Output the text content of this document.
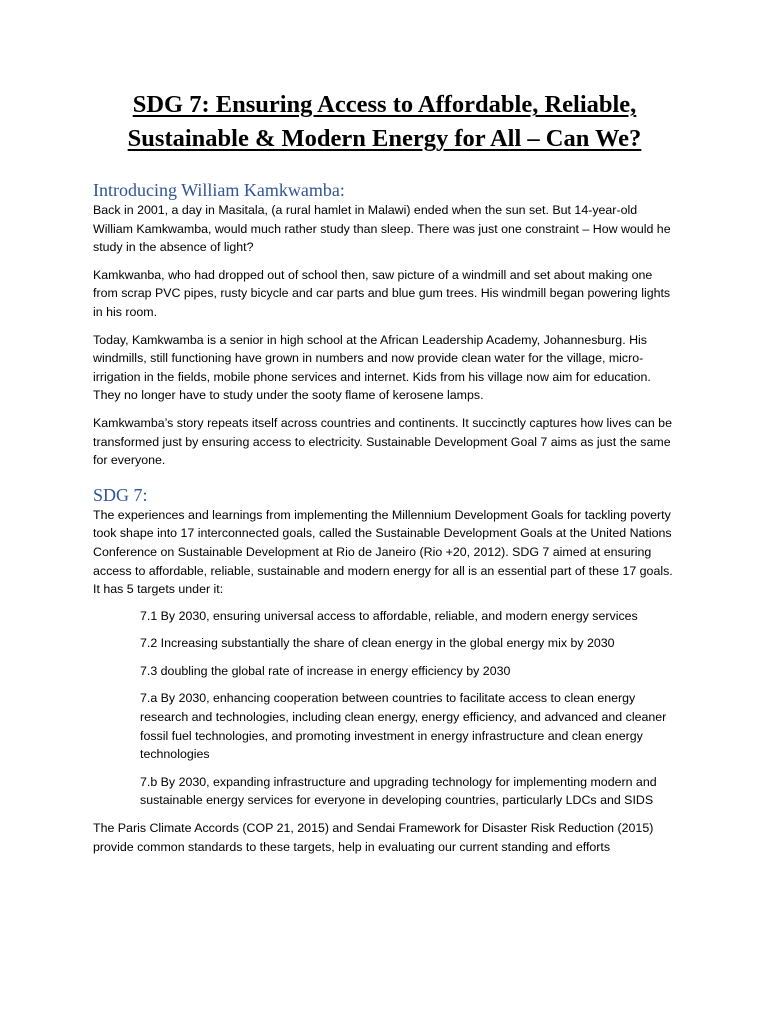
SDG 7: Ensuring Access to Affordable, Reliable,
Sustainable & Modern Energy for All – Can We?
Introducing William Kamkwamba:

Back in 2001, a day in Masitala, (a rural hamlet in Malawi) ended when the sun set. But 14-year-old William Kamkwamba, would much rather study than sleep. There was just one constraint – How would he study in the absence of light?

Kamkwanba, who had dropped out of school then, saw picture of a windmill and set about making one from scrap PVC pipes, rusty bicycle and car parts and blue gum trees. His windmill began powering lights in his room.

Today, Kamkwamba is a senior in high school at the African Leadership Academy, Johannesburg. His windmills, still functioning have grown in numbers and now provide clean water for the village, micro-irrigation in the fields, mobile phone services and internet. Kids from his village now aim for education. They no longer have to study under the sooty flame of kerosene lamps.

Kamkwamba’s story repeats itself across countries and continents. It succinctly captures how lives can be transformed just by ensuring access to electricity. Sustainable Development Goal 7 aims as just the same for everyone.

SDG 7:

The experiences and learnings from implementing the Millennium Development Goals for tackling poverty took shape into 17 interconnected goals, called the Sustainable Development Goals at the United Nations Conference on Sustainable Development at Rio de Janeiro (Rio +20, 2012). SDG 7 aimed at ensuring access to affordable, reliable, sustainable and modern energy for all is an essential part of these 17 goals. It has 5 targets under it:

7.1 By 2030, ensuring universal access to affordable, reliable, and modern energy services
7.2 Increasing substantially the share of clean energy in the global energy mix by 2030
7.3 doubling the global rate of increase in energy efficiency by 2030
7.a By 2030, enhancing cooperation between countries to facilitate access to clean energy research and technologies, including clean energy, energy efficiency, and advanced and cleaner fossil fuel technologies, and promoting investment in energy infrastructure and clean energy technologies
7.b By 2030, expanding infrastructure and upgrading technology for implementing modern and sustainable energy services for everyone in developing countries, particularly LDCs and SIDS

The Paris Climate Accords (COP 21, 2015) and Sendai Framework for Disaster Risk Reduction (2015) provide common standards to these targets, help in evaluating our current standing and efforts
